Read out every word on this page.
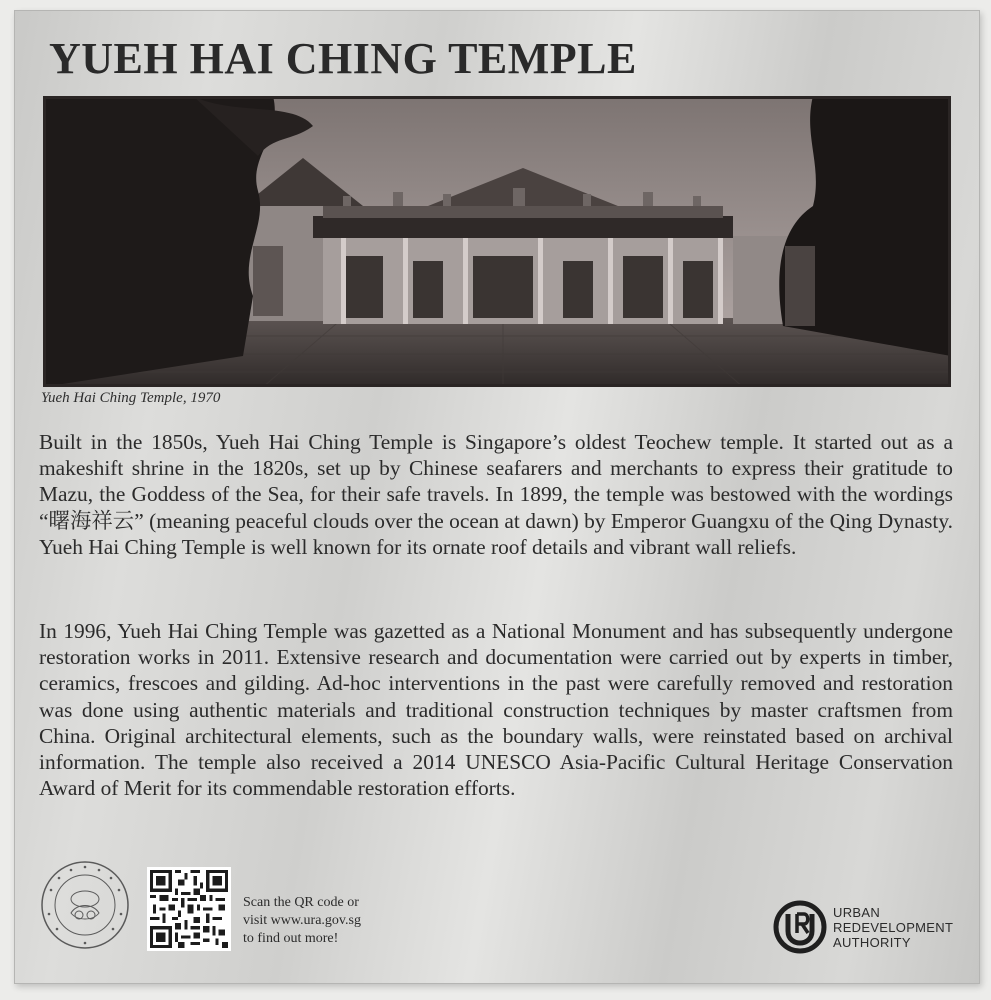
YUEH HAI CHING TEMPLE
Yueh Hai Ching Temple, 1970

Built in the 1850s, Yueh Hai Ching Temple is Singapore’s oldest Teochew temple. It started out as a makeshift shrine in the 1820s, set up by Chinese seafarers and merchants to express their gratitude to Mazu, the Goddess of the Sea, for their safe travels. In 1899, the temple was bestowed with the wordings “曙海祥云” (meaning peaceful clouds over the ocean at dawn) by Emperor Guangxu of the Qing Dynasty. Yueh Hai Ching Temple is well known for its ornate roof details and vibrant wall reliefs.

In 1996, Yueh Hai Ching Temple was gazetted as a National Monument and has subsequently undergone restoration works in 2011. Extensive research and documentation were carried out by experts in timber, ceramics, frescoes and gilding. Ad-hoc interventions in the past were carefully removed and restoration was done using authentic materials and traditional construction techniques by master craftsmen from China. Original architectural elements, such as the boundary walls, were reinstated based on archival information. The temple also received a 2014 UNESCO Asia-Pacific Cultural Heritage Conservation Award of Merit for its commendable restoration efforts.

Scan the QR code or
visit www.ura.gov.sg
to find out more!
URBAN
REDEVELOPMENT
AUTHORITY
